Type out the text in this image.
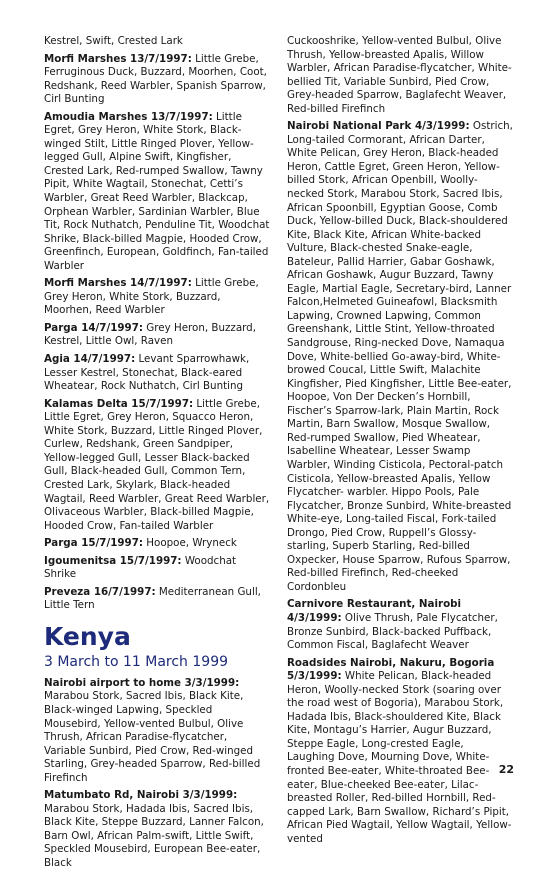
Kestrel, Swift, Crested Lark

Morfi Marshes 13/7/1997: Little Grebe, Ferruginous Duck, Buzzard, Moorhen, Coot, Redshank, Reed Warbler, Spanish Sparrow, Cirl Bunting

Amoudia Marshes 13/7/1997: Little Egret, Grey Heron, White Stork, Black-winged Stilt, Little Ringed Plover, Yellow-legged Gull, Alpine Swift, Kingfisher, Crested Lark, Red-rumped Swallow, Tawny Pipit, White Wagtail, Stonechat, Cetti’s Warbler, Great Reed Warbler, Blackcap, Orphean Warbler, Sardinian Warbler, Blue Tit, Rock Nuthatch, Penduline Tit, Woodchat Shrike, Black-billed Magpie, Hooded Crow, Greenfinch, European, Goldfinch, Fan-tailed Warbler

Morfi Marshes 14/7/1997: Little Grebe, Grey Heron, White Stork, Buzzard, Moorhen, Reed Warbler

Parga 14/7/1997: Grey Heron, Buzzard, Kestrel, Little Owl, Raven

Agia 14/7/1997: Levant Sparrowhawk, Lesser Kestrel, Stonechat, Black-eared Wheatear, Rock Nuthatch, Cirl Bunting

Kalamas Delta 15/7/1997: Little Grebe, Little Egret, Grey Heron, Squacco Heron, White Stork, Buzzard, Little Ringed Plover, Curlew, Redshank, Green Sandpiper, Yellow-legged Gull, Lesser Black-backed Gull, Black-headed Gull, Common Tern, Crested Lark, Skylark, Black-headed Wagtail, Reed Warbler, Great Reed Warbler, Olivaceous Warbler, Black-billed Magpie, Hooded Crow, Fan-tailed Warbler

Parga 15/7/1997: Hoopoe, Wryneck

Igoumenitsa 15/7/1997: Woodchat Shrike

Preveza 16/7/1997: Mediterranean Gull, Little Tern

Kenya
3 March to 11 March 1999

Nairobi airport to home 3/3/1999: Marabou Stork, Sacred Ibis, Black Kite, Black-winged Lapwing, Speckled Mousebird, Yellow-vented Bulbul, Olive Thrush, African Paradise-flycatcher, Variable Sunbird, Pied Crow, Red-winged Starling, Grey-headed Sparrow, Red-billed Firefinch

Matumbato Rd, Nairobi 3/3/1999: Marabou Stork, Hadada Ibis, Sacred Ibis, Black Kite, Steppe Buzzard, Lanner Falcon, Barn Owl, African Palm-swift, Little Swift, Speckled Mousebird, European Bee-eater, Black

Cuckooshrike, Yellow-vented Bulbul, Olive Thrush, Yellow-breasted Apalis, Willow Warbler, African Paradise-flycatcher, White-bellied Tit, Variable Sunbird, Pied Crow, Grey-headed Sparrow, Baglafecht Weaver, Red-billed Firefinch

Nairobi National Park 4/3/1999: Ostrich, Long-tailed Cormorant, African Darter, White Pelican, Grey Heron, Black-headed Heron, Cattle Egret, Green Heron, Yellow-billed Stork, African Openbill, Woolly-necked Stork, Marabou Stork, Sacred Ibis, African Spoonbill, Egyptian Goose, Comb Duck, Yellow-billed Duck, Black-shouldered Kite, Black Kite, African White-backed Vulture, Black-chested Snake-eagle, Bateleur, Pallid Harrier, Gabar Goshawk, African Goshawk, Augur Buzzard, Tawny Eagle, Martial Eagle, Secretary-bird, Lanner Falcon,Helmeted Guineafowl, Blacksmith Lapwing, Crowned Lapwing, Common Greenshank, Little Stint, Yellow-throated Sandgrouse, Ring-necked Dove, Namaqua Dove, White-bellied Go-away-bird, White-browed Coucal, Little Swift, Malachite Kingfisher, Pied Kingfisher, Little Bee-eater, Hoopoe, Von Der Decken’s Hornbill, Fischer’s Sparrow-lark, Plain Martin, Rock Martin, Barn Swallow, Mosque Swallow, Red-rumped Swallow, Pied Wheatear, Isabelline Wheatear, Lesser Swamp Warbler, Winding Cisticola, Pectoral-patch Cisticola, Yellow-breasted Apalis, Yellow Flycatcher- warbler. Hippo Pools, Pale Flycatcher, Bronze Sunbird, White-breasted White-eye, Long-tailed Fiscal, Fork-tailed Drongo, Pied Crow, Ruppell’s Glossy-starling, Superb Starling, Red-billed Oxpecker, House Sparrow, Rufous Sparrow, Red-billed Firefinch, Red-cheeked Cordonbleu

Carnivore Restaurant, Nairobi 4/3/1999: Olive Thrush, Pale Flycatcher, Bronze Sunbird, Black-backed Puffback, Common Fiscal, Baglafecht Weaver

Roadsides Nairobi, Nakuru, Bogoria 5/3/1999: White Pelican, Black-headed Heron, Woolly-necked Stork (soaring over the road west of Bogoria), Marabou Stork, Hadada Ibis, Black-shouldered Kite, Black Kite, Montagu’s Harrier, Augur Buzzard, Steppe Eagle, Long-crested Eagle, Laughing Dove, Mourning Dove, White-fronted Bee-eater, White-throated Bee-eater, Blue-cheeked Bee-eater, Lilac-breasted Roller, Red-billed Hornbill, Red-capped Lark, Barn Swallow, Richard’s Pipit, African Pied Wagtail, Yellow Wagtail, Yellow-vented

22
